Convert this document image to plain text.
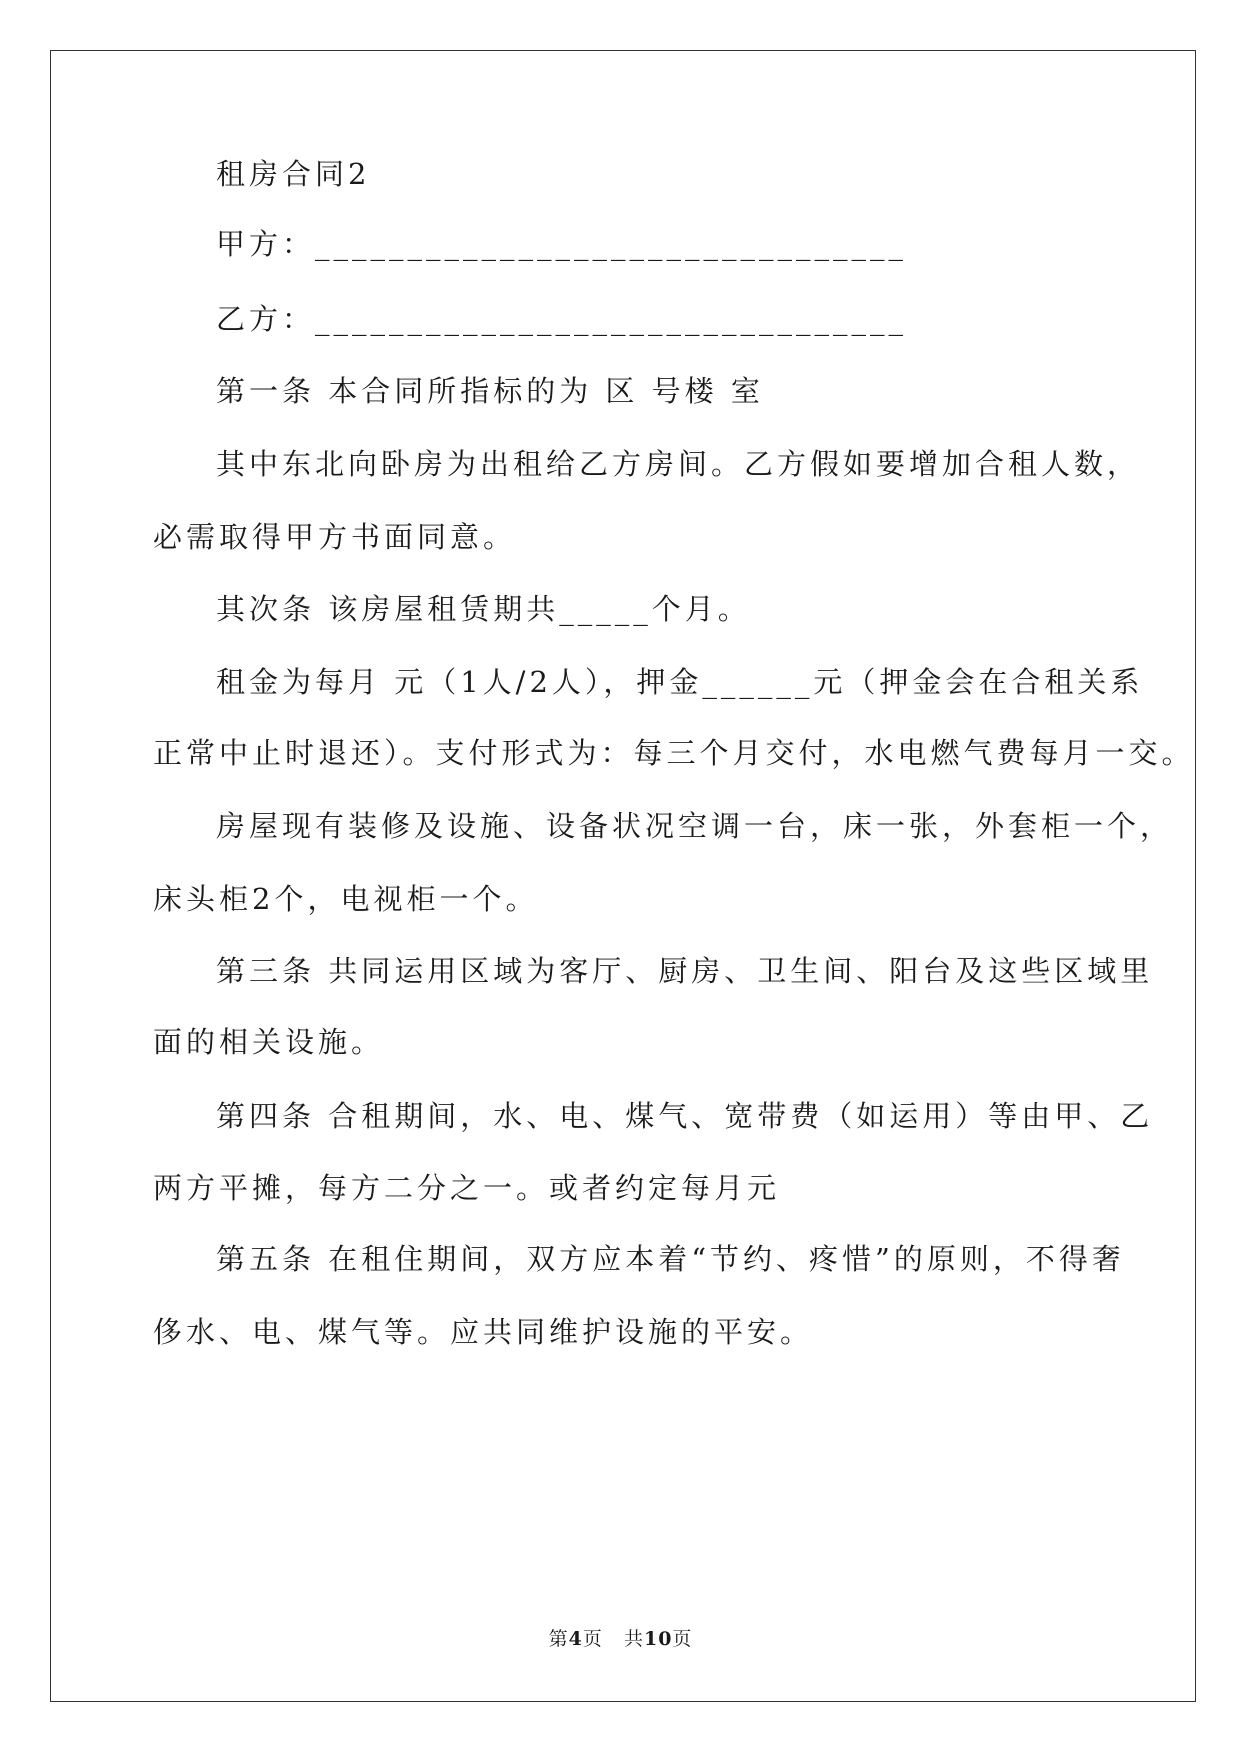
租房合同2
甲方：________________________________
乙方：________________________________
第一条 本合同所指标的为 区 号楼 室
其中东北向卧房为出租给乙方房间。乙方假如要增加合租人数，
必需取得甲方书面同意。
其次条 该房屋租赁期共_____个月。
租金为每月 元（1人/2人），押金______元（押金会在合租关系
正常中止时退还）。支付形式为：每三个月交付，水电燃气费每月一交。
房屋现有装修及设施、设备状况空调一台，床一张，外套柜一个，
床头柜2个，电视柜一个。
第三条 共同运用区域为客厅、厨房、卫生间、阳台及这些区域里
面的相关设施。
第四条 合租期间，水、电、煤气、宽带费（如运用）等由甲、乙
两方平摊，每方二分之一。或者约定每月元
第五条 在租住期间，双方应本着“节约、疼惜”的原则，不得奢
侈水、电、煤气等。应共同维护设施的平安。
第4页 共10页
